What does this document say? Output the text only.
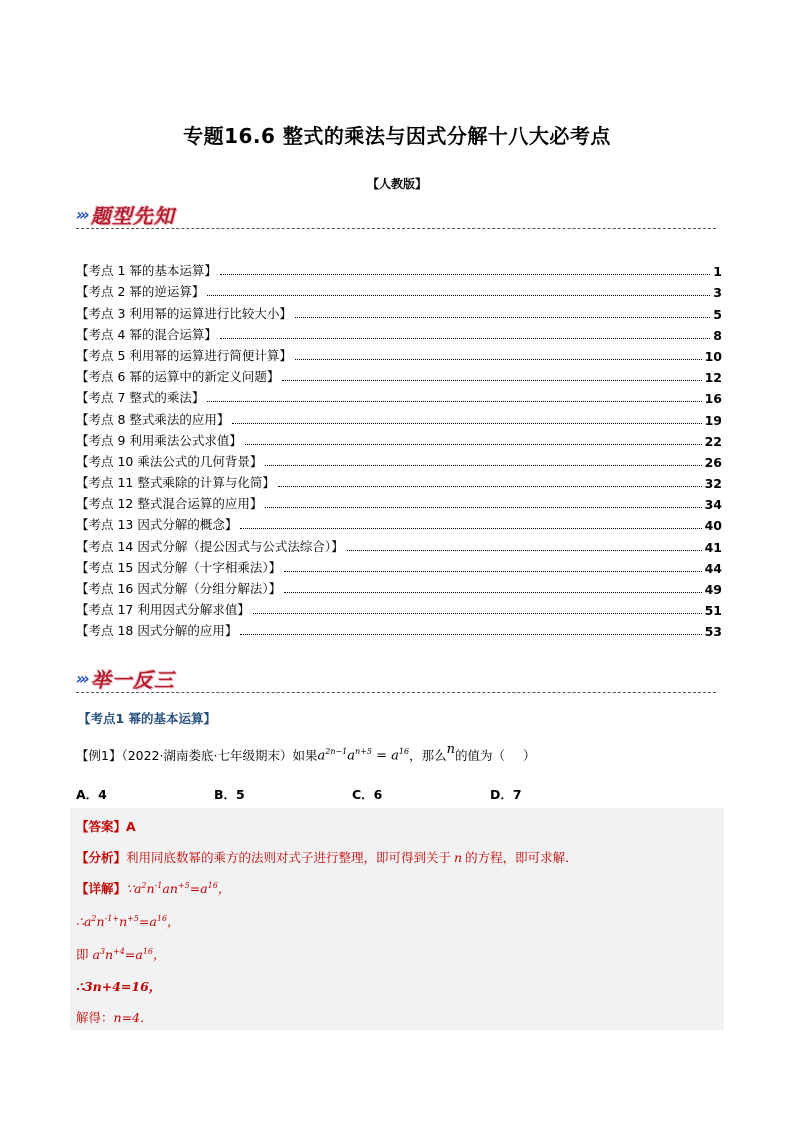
专题16.6 整式的乘法与因式分解十八大必考点
【人教版】
››› 题型先知
【考点 1 幂的基本运算】	1
【考点 2 幂的逆运算】	3
【考点 3 利用幂的运算进行比较大小】	5
【考点 4 幂的混合运算】	8
【考点 5 利用幂的运算进行简便计算】	10
【考点 6 幂的运算中的新定义问题】	12
【考点 7 整式的乘法】	16
【考点 8 整式乘法的应用】	19
【考点 9 利用乘法公式求值】	22
【考点 10 乘法公式的几何背景】	26
【考点 11 整式乘除的计算与化简】	32
【考点 12 整式混合运算的应用】	34
【考点 13 因式分解的概念】	40
【考点 14 因式分解（提公因式与公式法综合）】	41
【考点 15 因式分解（十字相乘法）】	44
【考点 16 因式分解（分组分解法）】	49
【考点 17 利用因式分解求值】	51
【考点 18 因式分解的应用】	53
››› 举一反三
【考点1 幂的基本运算】
【例1】（2022·湖南娄底·七年级期末）如果 $a^{2n-1}a^{n+5} = a^{16}$ ，那么 n 的值为（ ）
A．4	B．5	C．6	D．7
【答案】A
【分析】利用同底数幂的乘方的法则对式子进行整理，即可得到关于 n 的方程，即可求解．
【详解】$\because a^2n^{-1}an^{+5}=a^{16}$，
$\therefore a^2n^{-1+}n^{+5}=a^{16}$，
即 $a^3n^{+4}=a^{16}$，
∴3n+4=16，
解得：n=4．
